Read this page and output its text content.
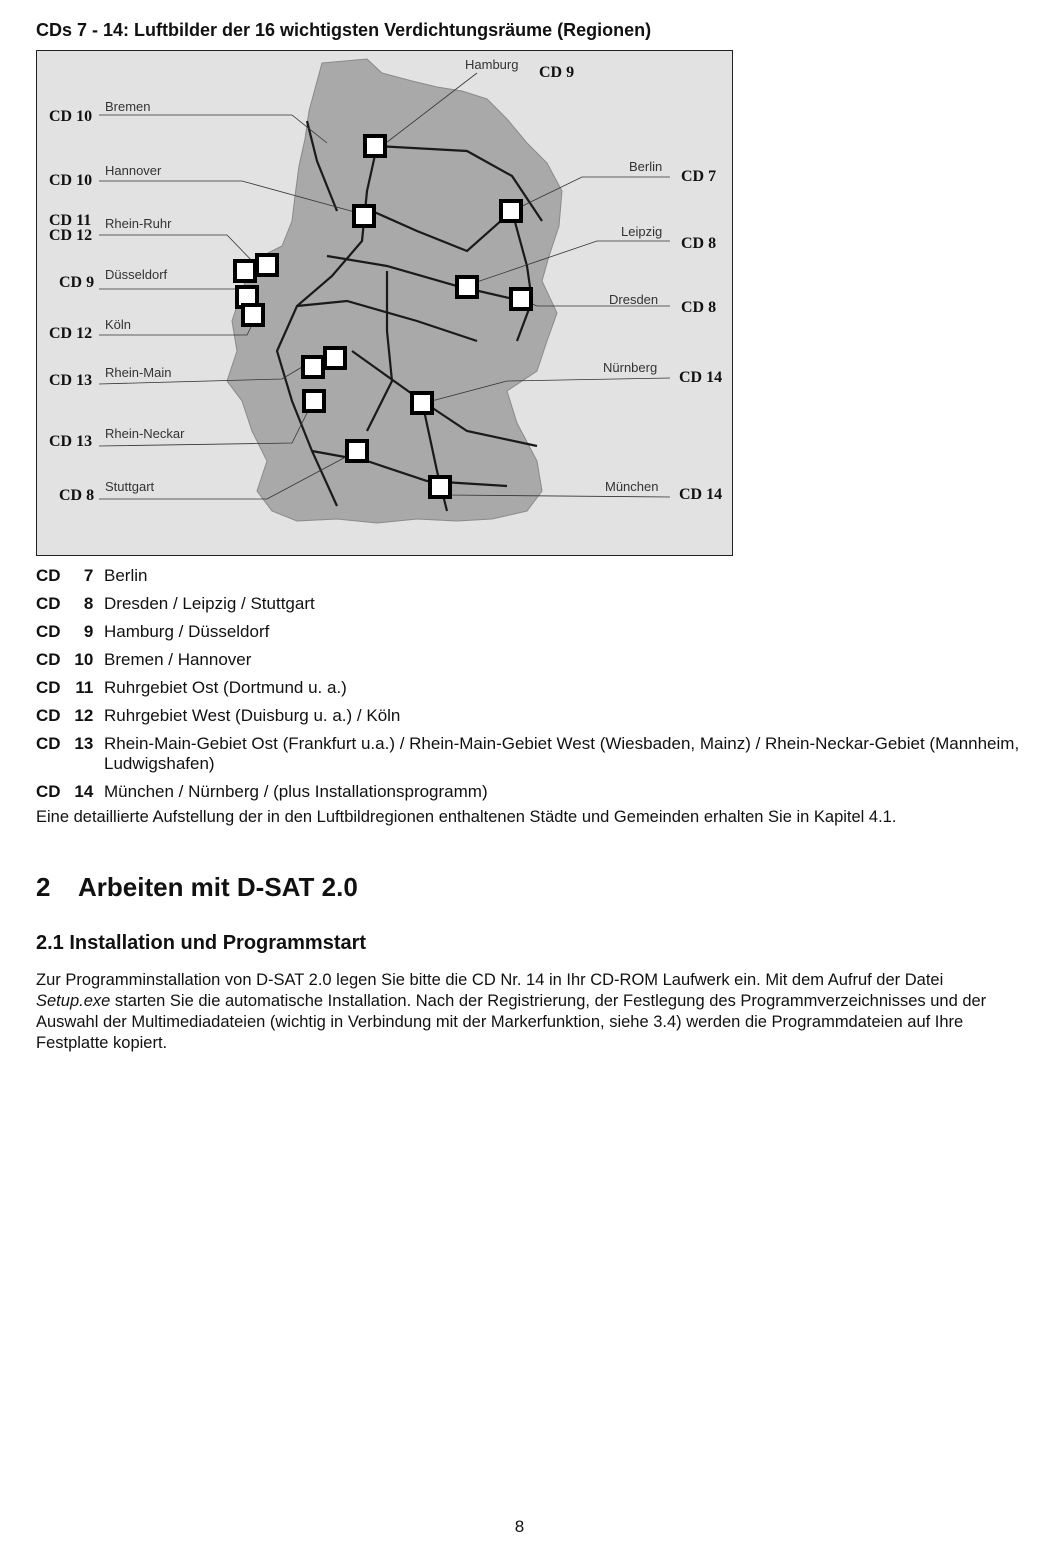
CDs 7 - 14: Luftbilder der 16 wichtigsten Verdichtungsräume (Regionen)
Hamburg CD 9
CD 10
Bremen
CD 10
Hannover
CD 11
CD 12
Rhein-Ruhr
CD 9 Düsseldorf
CD 12
Köln
CD 13 Rhein-Main
CD 13 Rhein-Neckar
CD 8
Stuttgart
Berlin
CD 7
Leipzig
CD 8
Dresden CD 8
Nürnberg
CD 14
München CD 14
CD 7 Berlin
CD 8 Dresden / Leipzig / Stuttgart
CD 9 Hamburg / Düsseldorf
CD 10 Bremen / Hannover
CD 11 Ruhrgebiet Ost (Dortmund u. a.)
CD 12 Ruhrgebiet West (Duisburg u. a.) / Köln
CD 13 Rhein-Main-Gebiet Ost (Frankfurt u.a.) / Rhein-Main-Gebiet West (Wiesbaden, Mainz) / Rhein-Neckar-Gebiet (Mannheim, Ludwigshafen)
CD 14 München / Nürnberg / (plus Installationsprogramm)
Eine detaillierte Aufstellung der in den Luftbildregionen enthaltenen Städte und Gemeinden erhalten Sie in Kapitel 4.1.
2 Arbeiten mit D-SAT 2.0
2.1 Installation und Programmstart

Zur Programminstallation von D-SAT 2.0 legen Sie bitte die CD Nr. 14 in Ihr CD-ROM Laufwerk ein. Mit dem Aufruf der Datei Setup.exe starten Sie die automatische Installation. Nach der Registrierung, der Festlegung des Programmverzeichnisses und der Auswahl der Multimediadateien (wichtig in Verbindung mit der Markerfunktion, siehe 3.4) werden die Programmdateien auf Ihre Festplatte kopiert.

8
